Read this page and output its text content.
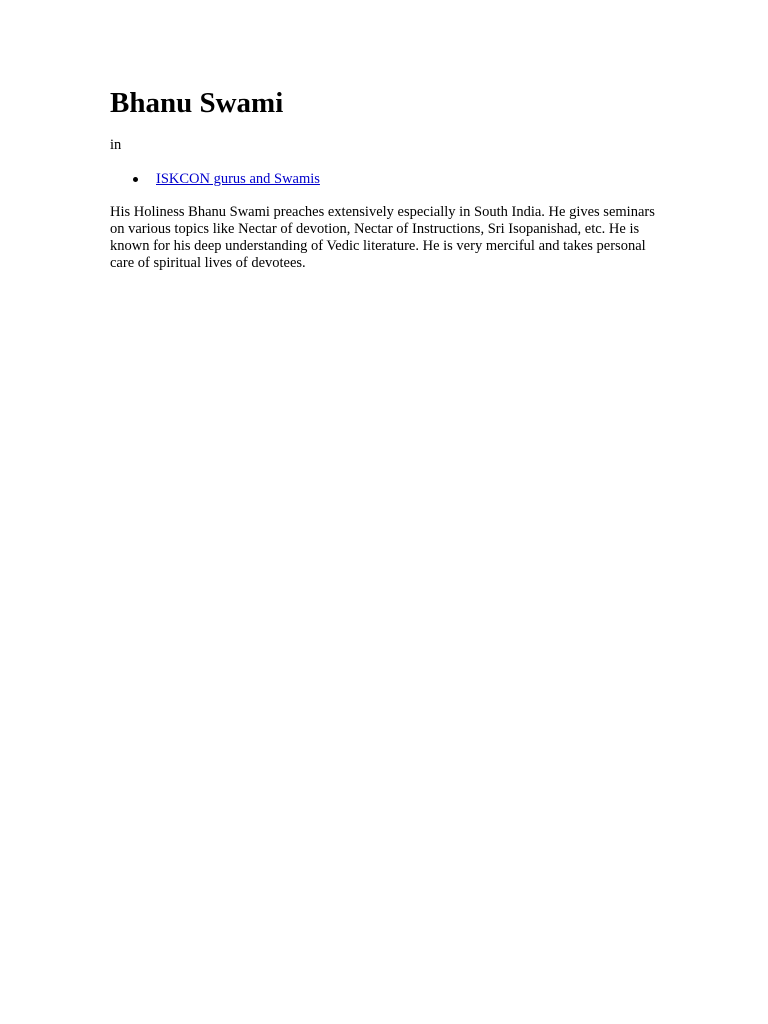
Bhanu Swami
in
ISKCON gurus and Swamis

His Holiness Bhanu Swami preaches extensively especially in South India. He gives seminars on various topics like Nectar of devotion, Nectar of Instructions, Sri Isopanishad, etc. He is known for his deep understanding of Vedic literature. He is very merciful and takes personal care of spiritual lives of devotees.
